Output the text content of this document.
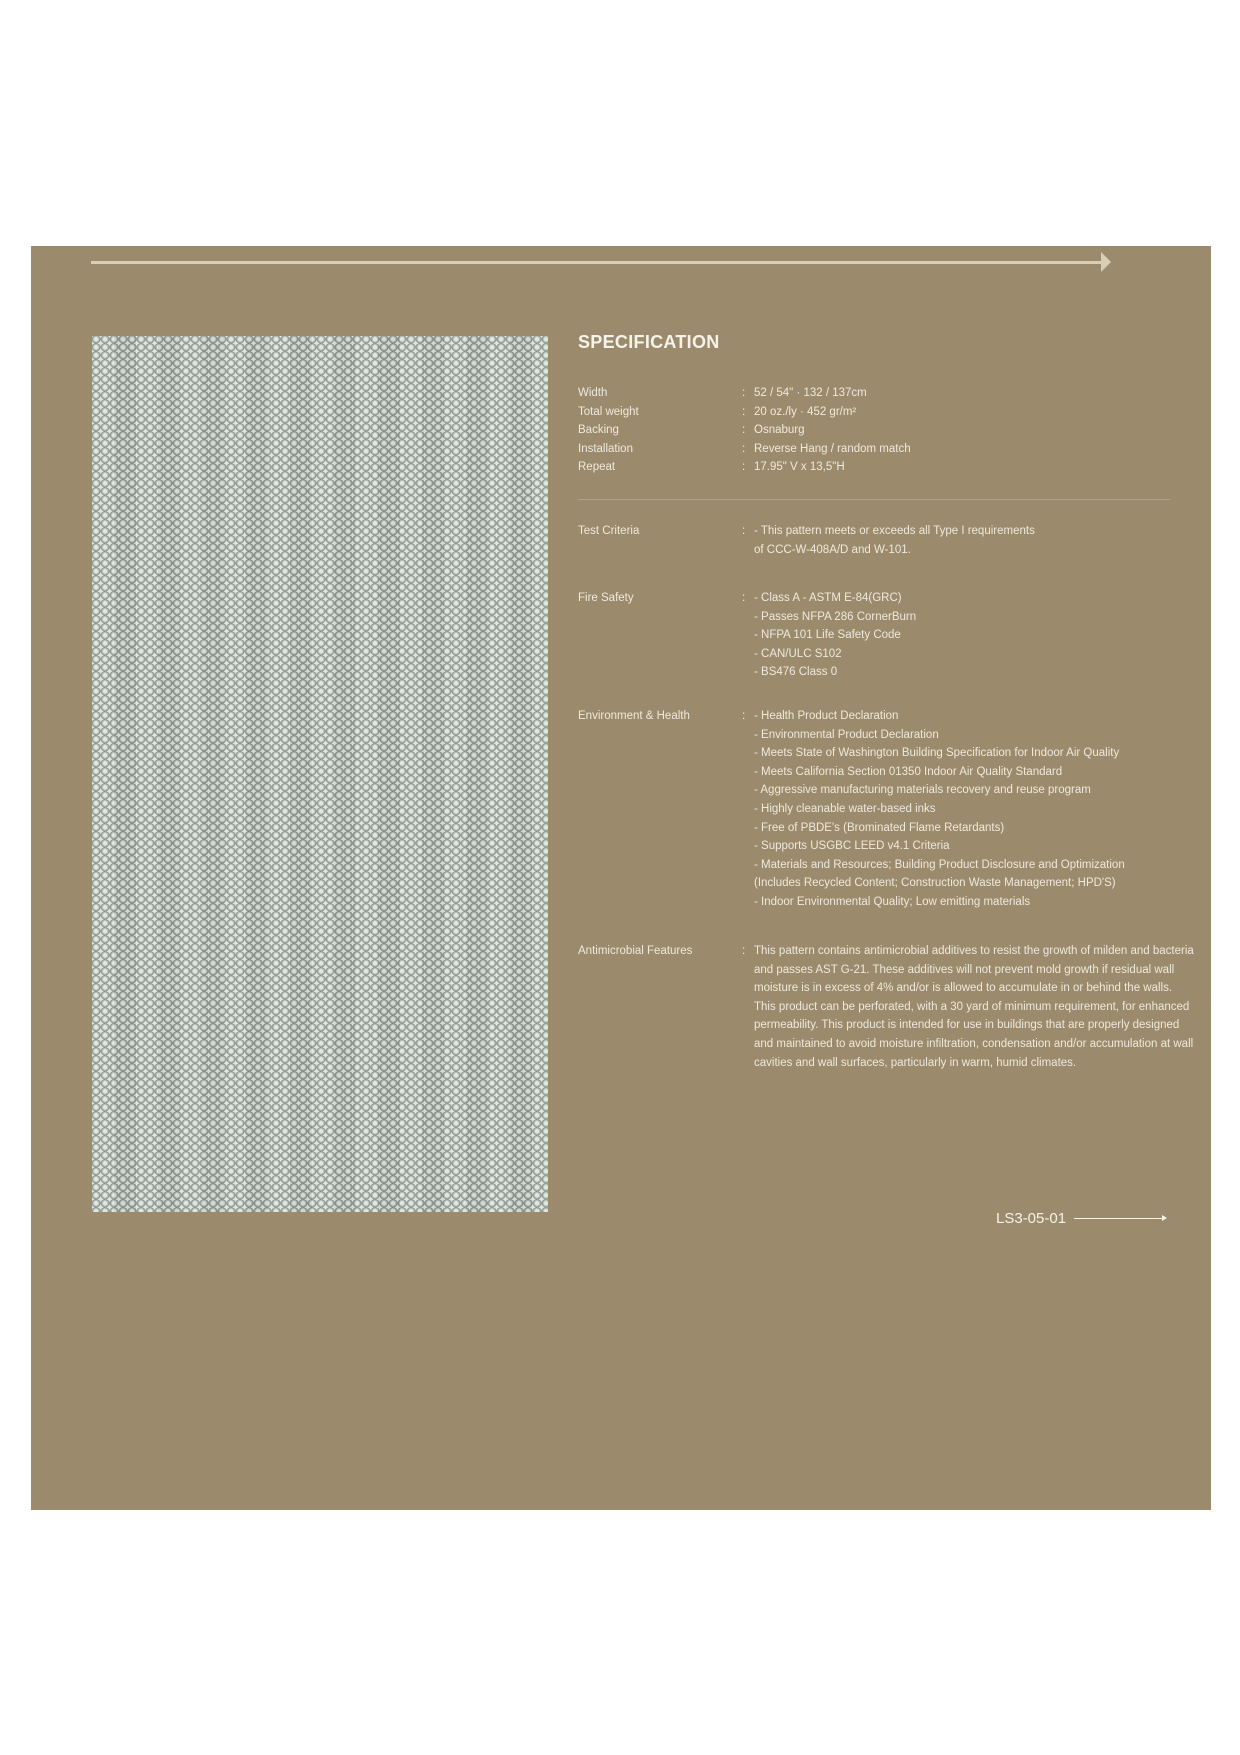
SPECIFICATION
Width	: 52 / 54" · 132 / 137cm
Total weight	: 20 oz./ly · 452 gr/m²
Backing	: Osnaburg
Installation	: Reverse Hang / random match
Repeat	: 17.95" V x 13,5"H
Test Criteria	: - This pattern meets or exceeds all Type I requirements
of CCC-W-408A/D and W-101.
Fire Safety	: - Class A - ASTM E-84(GRC)
- Passes NFPA 286 CornerBurn
- NFPA 101 Life Safety Code
- CAN/ULC S102
- BS476 Class 0
Environment & Health	: - Health Product Declaration
- Environmental Product Declaration
- Meets State of Washington Building Specification for Indoor Air Quality
- Meets California Section 01350 Indoor Air Quality Standard
- Aggressive manufacturing materials recovery and reuse program
- Highly cleanable water-based inks
- Free of PBDE's (Brominated Flame Retardants)
- Supports USGBC LEED v4.1 Criteria
- Materials and Resources; Building Product Disclosure and Optimization
(Includes Recycled Content; Construction Waste Management; HPD'S)
- Indoor Environmental Quality; Low emitting materials
Antimicrobial Features	: This pattern contains antimicrobial additives to resist the growth of milden and bacteria and passes AST G-21. These additives will not prevent mold growth if residual wall moisture is in excess of 4% and/or is allowed to accumulate in or behind the walls. This product can be perforated, with a 30 yard of minimum requirement, for enhanced permeability. This product is intended for use in buildings that are properly designed and maintained to avoid moisture infiltration, condensation and/or accumulation at wall cavities and wall surfaces, particularly in warm, humid climates.
LS3-05-01
